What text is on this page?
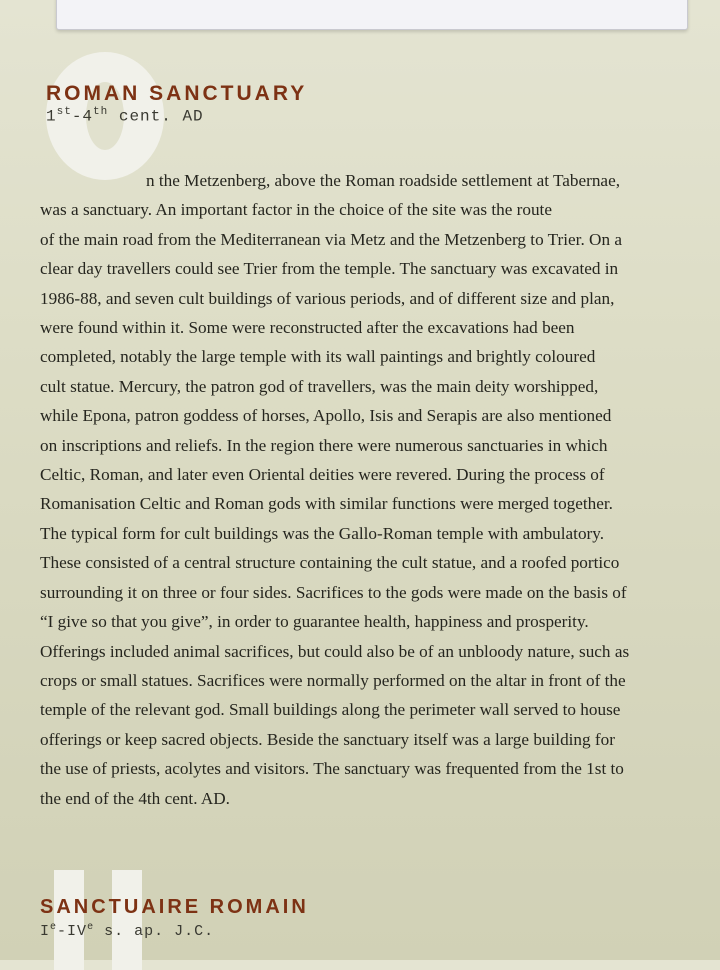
ROMAN SANCTUARY
1st-4th cent. AD
n the Metzenberg, above the Roman roadside settlement at Tabernae,
was a sanctuary. An important factor in the choice of the site was the route
of the main road from the Mediterranean via Metz and the Metzenberg to Trier. On a
clear day travellers could see Trier from the temple. The sanctuary was excavated in
1986-88, and seven cult buildings of various periods, and of different size and plan,
were found within it. Some were reconstructed after the excavations had been
completed, notably the large temple with its wall paintings and brightly coloured
cult statue. Mercury, the patron god of travellers, was the main deity worshipped,
while Epona, patron goddess of horses, Apollo, Isis and Serapis are also mentioned
on inscriptions and reliefs. In the region there were numerous sanctuaries in which
Celtic, Roman, and later even Oriental deities were revered. During the process of
Romanisation Celtic and Roman gods with similar functions were merged together.
The typical form for cult buildings was the Gallo-Roman temple with ambulatory.
These consisted of a central structure containing the cult statue, and a roofed portico
surrounding it on three or four sides. Sacrifices to the gods were made on the basis of
“I give so that you give”, in order to guarantee health, happiness and prosperity.
Offerings included animal sacrifices, but could also be of an unbloody nature, such as
crops or small statues. Sacrifices were normally performed on the altar in front of the
temple of the relevant god. Small buildings along the perimeter wall served to house
offerings or keep sacred objects. Beside the sanctuary itself was a large building for
the use of priests, acolytes and visitors. The sanctuary was frequented from the 1st to
the end of the 4th cent. AD.
SANCTUAIRE ROMAIN
Ie-IVe s. ap. J.C.
